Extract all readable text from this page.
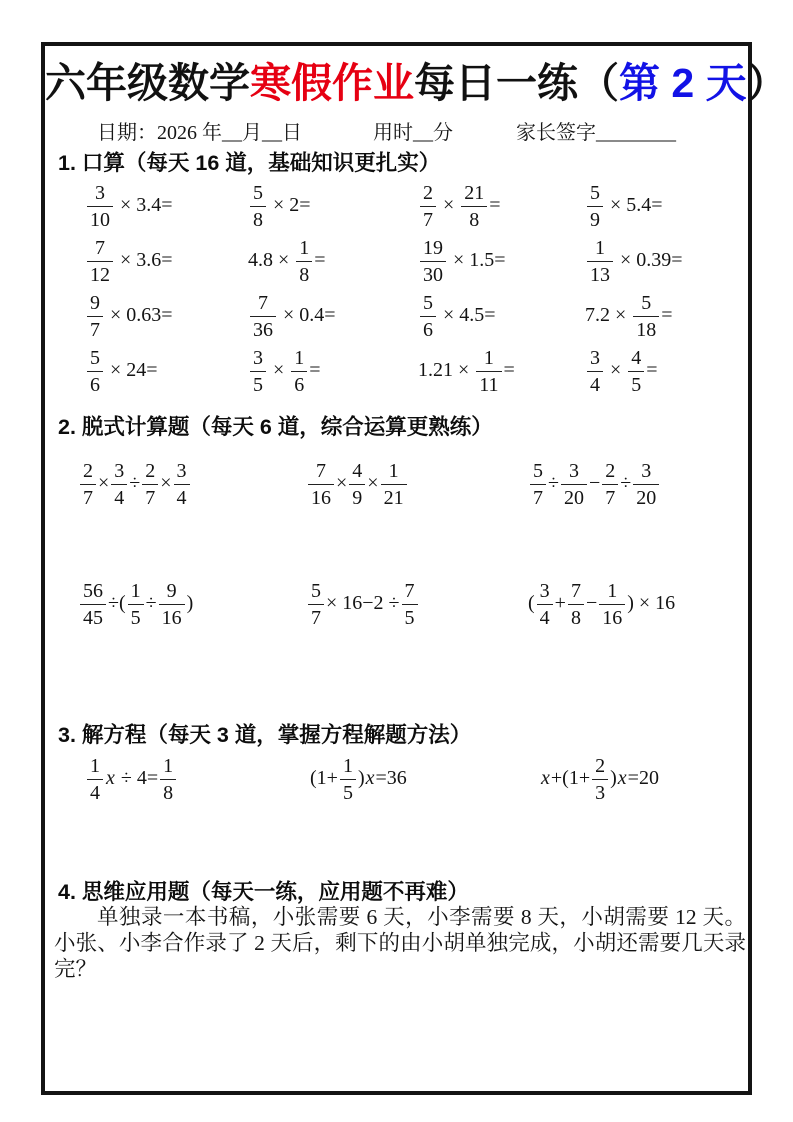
六年级数学寒假作业每日一练（第 2 天）
日期：2026 年__月__日	用时__分	家长签字________
1. 口算（每天 16 道，基础知识更扎实）
$\frac{3}{10} \times 3.4=$	$\frac{5}{8} \times 2=$	$\frac{2}{7} \times \frac{21}{8}$ =	$\frac{5}{9} \times 5.4=$
$\frac{7}{12} \times 3.6=$	$4.8 \times \frac{1}{8}$ =	$\frac{19}{30} \times 1.5=$	$\frac{1}{13} \times 0.39=$
$\frac{9}{7} \times 0.63=$	$\frac{7}{36} \times 0.4=$	$\frac{5}{6} \times 4.5=$	$7.2 \times \frac{5}{18}$ =
$\frac{5}{6} \times 24=$	$\frac{3}{5} \times \frac{1}{6}$ =	$1.21 \times \frac{1}{11}$ =	$\frac{3}{4} \times \frac{4}{5}$ =
2. 脱式计算题（每天 6 道，综合运算更熟练）
$\frac{2}{7} \times \frac{3}{4} \div \frac{2}{7} \times \frac{3}{4}$	$\frac{7}{16} \times \frac{4}{9} \times \frac{1}{21}$	$\frac{5}{7} \div \frac{3}{20} - \frac{2}{7} \div \frac{3}{20}$
$\frac{56}{45}$ ÷( $\frac{1}{5} \div \frac{9}{16}$ )	$\frac{5}{7} \times 16-2 \div \frac{7}{5}$	( $\frac{3}{4} + \frac{7}{8} - \frac{1}{16}$ ) × 16
3. 解方程（每天 3 道，掌握方程解题方法）
$\frac{1}{4}$ $x \div 4= \frac{1}{8}$	$(1+ \frac{1}{5} )x=36$	$x+(1+ \frac{2}{3} )x=20$
4. 思维应用题（每天一练，应用题不再难）
单独录一本书稿，小张需要 6 天，小李需要 8 天，小胡需要 12 天。小张、小李合作录了 2 天后，剩下的由小胡单独完成，小胡还需要几天录完？
